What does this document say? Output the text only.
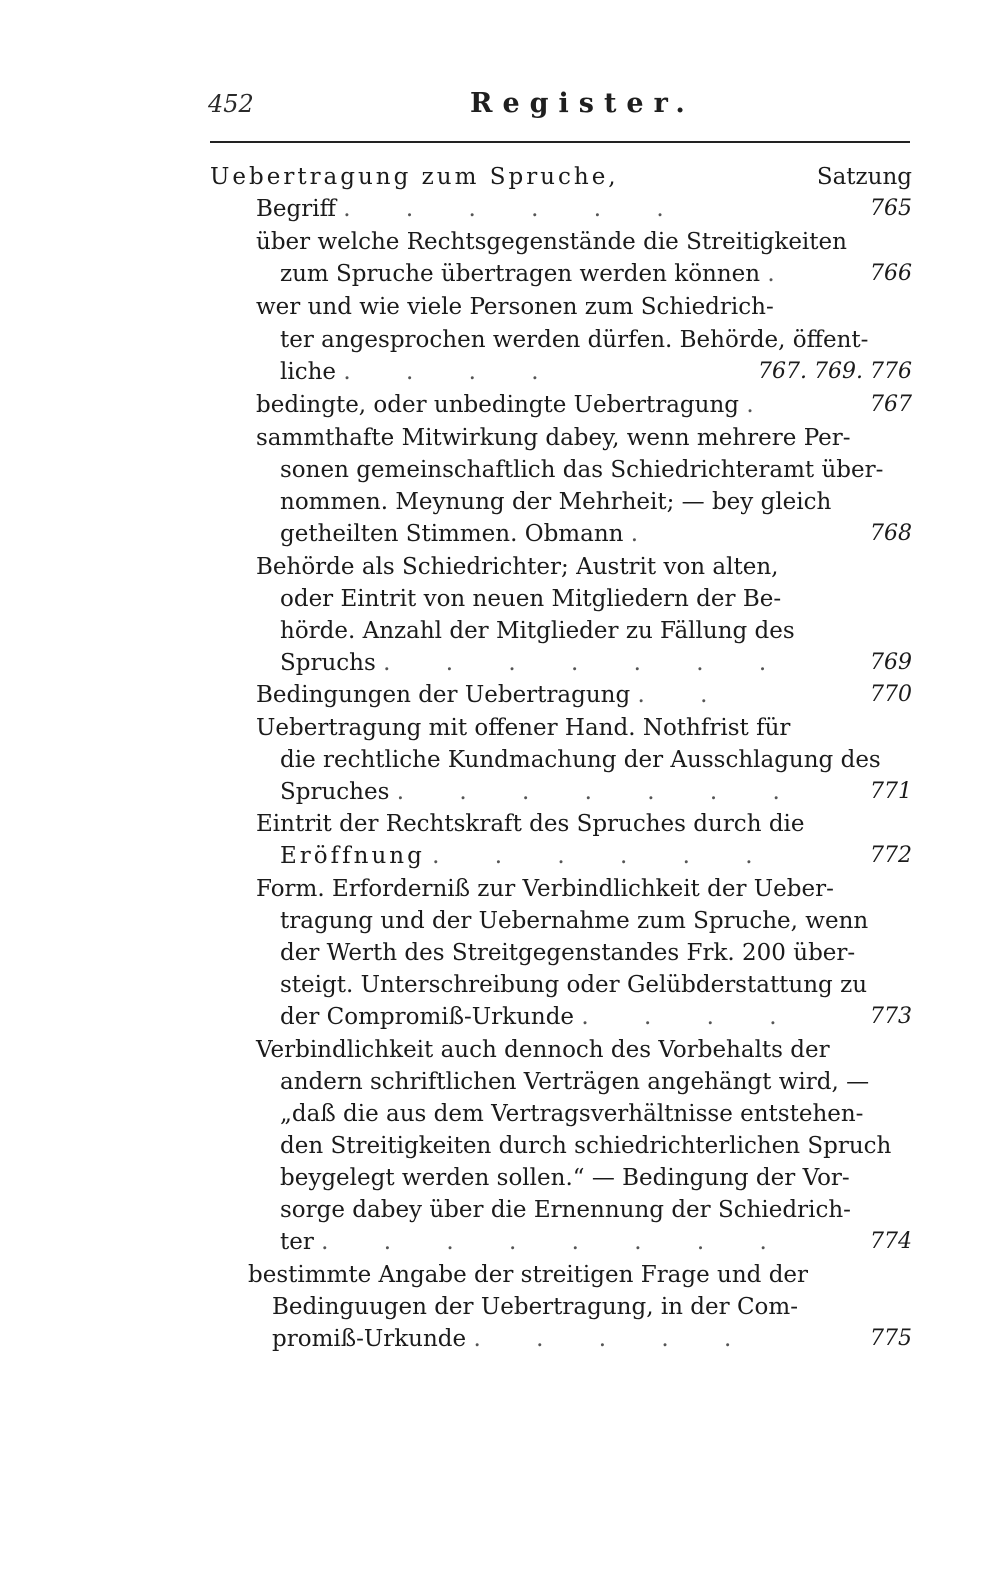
452	Register.
Uebertragung zum Spruche,	Satzung
Begriff . . . . . .	765
über welche Rechtsgegenstände die Streitigkeiten
zum Spruche übertragen werden können .	766
wer und wie viele Personen zum Schiedrich-
ter angesprochen werden dürfen. Behörde, öffent-
liche . . . .	767. 769. 776
bedingte, oder unbedingte Uebertragung .	767
sammthafte Mitwirkung dabey, wenn mehrere Per-
sonen gemeinschaftlich das Schiedrichteramt über-
nommen. Meynung der Mehrheit; — bey gleich
getheilten Stimmen. Obmann .	768
Behörde als Schiedrichter; Austrit von alten,
oder Eintrit von neuen Mitgliedern der Be-
hörde. Anzahl der Mitglieder zu Fällung des
Spruchs . . . . . . .	769
Bedingungen der Uebertragung . .	770
Uebertragung mit offener Hand. Nothfrist für
die rechtliche Kundmachung der Ausschlagung des
Spruches . . . . . . .	771
Eintrit der Rechtskraft des Spruches durch die
Eröffnung . . . . . .	772
Form. Erforderniß zur Verbindlichkeit der Ueber-
tragung und der Uebernahme zum Spruche, wenn
der Werth des Streitgegenstandes Frk. 200 über-
steigt. Unterschreibung oder Gelübderstattung zu
der Compromiß-Urkunde . . . .	773
Verbindlichkeit auch dennoch des Vorbehalts der
andern schriftlichen Verträgen angehängt wird, —
„daß die aus dem Vertragsverhältnisse entstehen-
den Streitigkeiten durch schiedrichterlichen Spruch
beygelegt werden sollen.“ — Bedingung der Vor-
sorge dabey über die Ernennung der Schiedrich-
ter . . . . . . . .	774
bestimmte Angabe der streitigen Frage und der
Bedinguugen der Uebertragung, in der Com-
promiß-Urkunde . . . . .	775
